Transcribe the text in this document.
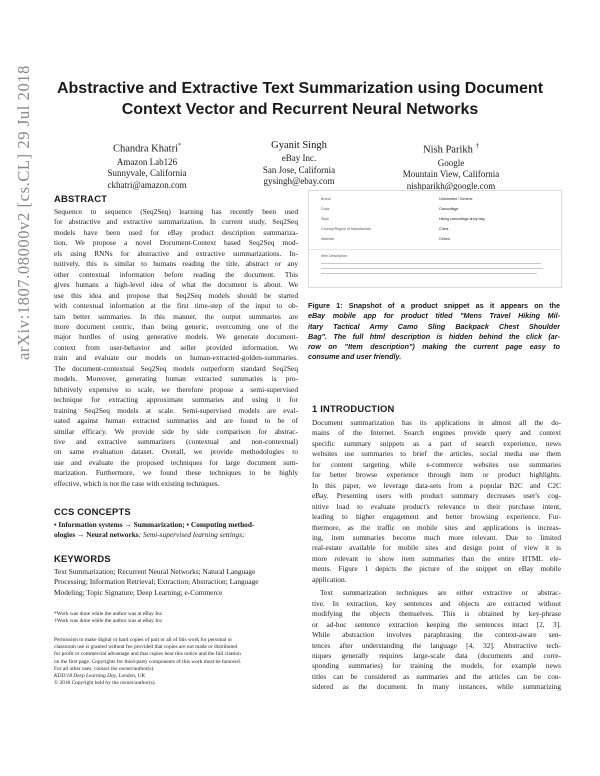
arXiv:1807.08000v2 [cs.CL] 29 Jul 2018	Abstractive and Extractive Text Summarization using Document
Context Vector and Recurrent Neural Networks
Chandra Khatri*
Amazon Lab126
Sunnyvale, California
ckhatri@amazon.com
Gyanit Singh
eBay Inc.
San Jose, California
gysingh@ebay.com
Nish Parikh †
Google
Mountain View, California
nishparikh@google.com
ABSTRACT
Sequence to sequence (Seq2Seq) learning has recently been used
for abstractive and extractive summarization. In current study, Seq2Seq
models have been used for eBay product description summariza-
tion. We propose a novel Document-Context based Seq2Seq mod-
els using RNNs for abstractive and extractive summarizations. In-
tuitively, this is similar to humans reading the title, abstract or any
other contextual information before reading the document. This
gives humans a high-level idea of what the document is about. We
use this idea and propose that Seq2Seq models should be started
with contextual information at the first time-step of the input to ob-
tain better summaries. In this manner, the output summaries are
more document centric, than being generic, overcoming one of the
major hurdles of using generative models. We generate document-
context from user-behavior and seller provided information. We
train and evaluate our models on human-extracted-golden-summaries.
The document-contextual Seq2Seq models outperform standard Seq2Seq
models. Moreover, generating human extracted summaries is pro-
hibitively expensive to scale, we therefore propose a semi-supervised
technique for extracting approximate summaries and using it for
training Seq2Seq models at scale. Semi-supervised models are eval-
uated against human extracted summaries and are found to be of
similar efficacy. We provide side by side comparison for abstrac-
tive and extractive summarizers (contextual and non-contextual)
on same evaluation dataset. Overall, we provide methodologies to
use and evaluate the proposed techniques for large document sum-
marization. Furthermore, we found these techniques to be highly
effective, which is not the case with existing techniques.
CCS CONCEPTS
• Information systems → Summarization; • Computing method-
ologies → Neural networks; Semi-supervised learning settings;
KEYWORDS
Text Summarization; Recurrent Neural Networks; Natural Language
Processing; Information Retrieval; Extraction; Abstraction; Language
Modeling; Topic Signature; Deep Learning; e-Commerce
*Work was done while the author was at eBay Inc.
†Work was done while the author was at eBay Inc.
Permission to make digital or hard copies of part or all of this work for personal or
classroom use is granted without fee provided that copies are not made or distributed
for profit or commercial advantage and that copies bear this notice and the full citation
on the first page. Copyrights for third-party components of this work must be honored.
For all other uses, contact the owner/author(s).
KDD'18 Deep Learning Day, London, UK
© 2018 Copyright held by the owner/author(s).
Brand	Unbranded / Generic
Color	Camouflage
Style	Hiking camouflage army bag
Country/Region of Manufacture	China
Material	Oxford
Item Description
Figure 1: Snapshot of a product snippet as it appears on the
eBay mobile app for product titled "Mens Travel Hiking Mil-
itary Tactical Army Camo Sling Backpack Chest Shoulder
Bag". The full html description is hidden behind the click (ar-
row on "Item description") making the current page easy to
consume and user friendly.
1 INTRODUCTION
Document summarization has its applications in almost all the do-
mains of the Internet. Search engines provide query and context
specific summary snippets as a part of search experience, news
websites use summaries to brief the articles, social media use them
for content targeting while e-commerce websites use summaries
for better browse experience through item or product highlights.
In this paper, we leverage data-sets from a popular B2C and C2C
eBay. Presenting users with product summary decreases user's cog-
nitive load to evaluate product's relevance to their purchase intent,
leading to higher engagement and better browsing experience. Fur-
thermore, as the traffic on mobile sites and applications is increas-
ing, item summaries become much more relevant. Due to limited
real-estate available for mobile sites and design point of view it is
more relevant to show item summaries than the entire HTML ele-
ments. Figure 1 depicts the picture of the snippet on eBay mobile
application.
Text summarization techniques are either extractive or abstrac-
tive. In extraction, key sentences and objects are extracted without
modifying the objects themselves. This is obtained by key-phrase
or ad-hoc sentence extraction keeping the sentences intact [2, 3].
While abstraction involves paraphrasing the context-aware sen-
tences after understanding the language [4, 32]. Abstractive tech-
niques generally requires large-scale data (documents and corre-
sponding summaries) for training the models, for example news
titles can be considered as summaries and the articles can be con-
sidered as the document. In many instances, while summarizing
